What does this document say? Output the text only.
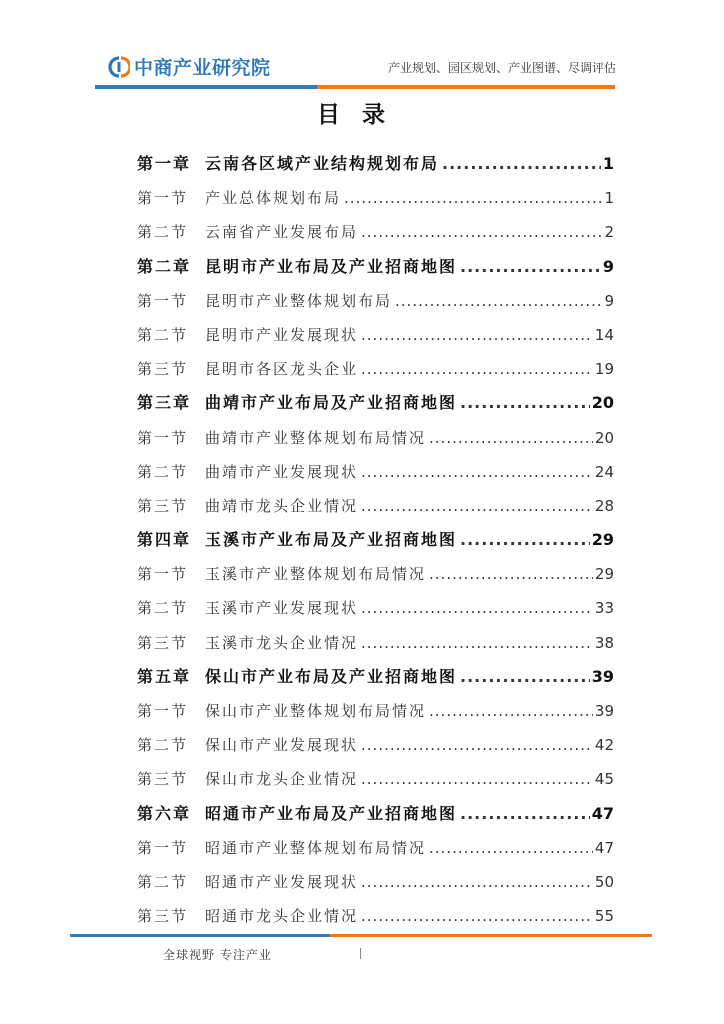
中商产业研究院	产业规划、园区规划、产业图谱、尽调评估
目录
第一章 云南各区域产业结构规划布局 .....	1
第一节	产业总体规划布局 .....	1
第二节	云南省产业发展布局 .....	2
第二章 昆明市产业布局及产业招商地图 .....	9
第一节	昆明市产业整体规划布局 .....	9
第二节	昆明市产业发展现状 .....	14
第三节	昆明市各区龙头企业 .....	19
第三章 曲靖市产业布局及产业招商地图 .....	20
第一节	曲靖市产业整体规划布局情况 .....	20
第二节	曲靖市产业发展现状 .....	24
第三节	曲靖市龙头企业情况 .....	28
第四章 玉溪市产业布局及产业招商地图 .....	29
第一节	玉溪市产业整体规划布局情况 .....	29
第二节	玉溪市产业发展现状 .....	33
第三节	玉溪市龙头企业情况 .....	38
第五章 保山市产业布局及产业招商地图 .....	39
第一节	保山市产业整体规划布局情况 .....	39
第二节	保山市产业发展现状 .....	42
第三节	保山市龙头企业情况 .....	45
第六章 昭通市产业布局及产业招商地图 .....	47
第一节	昭通市产业整体规划布局情况 .....	47
第二节	昭通市产业发展现状 .....	50
第三节	昭通市龙头企业情况 .....	55
全球视野 专注产业
